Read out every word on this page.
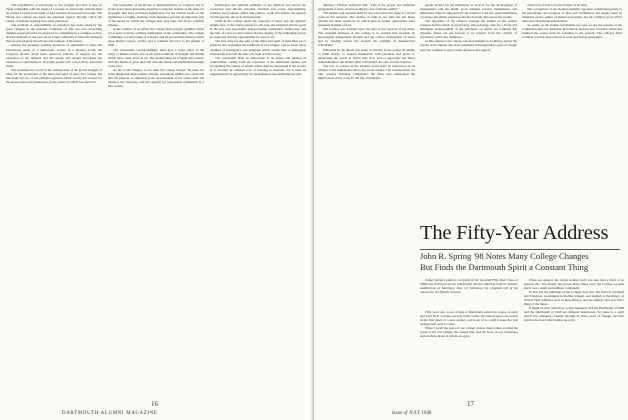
The transmission of knowledge to the younger and how it may be made compatible with the needs of a society of democratic citizens must be carried forward in the light of past tradition and present necessity. The liberal arts college has been the principal agency through which the values of humane learning have been preserved.

The problem of responsibility in education has been raised by the great changes in the material conditions of life. An ever increasing number of persons must be prepared for citizenship in a complex society, and the methods of the past are no longer sufficient to meet the demands that are placed upon the schools and colleges of the nation.

Among the presently feasible measures of adjustment to meet the educational needs of a democratic society in a modern world, the Congress should adopt more generous policies of support for the education of the talented and the needy, and should encourage the extension of opportunity to all young people who can profit by advanced study.

The contemporary world is the battleground of the global struggle of ideas for the possession of the mind and spirit of man. The college and university are two of the principal agencies which society has created for the preservation and furtherance of the values by which free men live.

The leadership of the House of Representatives of Congress has in recent years given increasing attention to national defense as the basis for programs that have profound significance for the critical needs of the institutions of higher learning. Such measures provide an important part of the means by which the colleges may play their role in the common defense.

In the conduct of its affairs the college must possess qualities which set it apart from the ordinary institutions of the community. The college community is a fellowship of scholars, and its government must be based upon mutual respect, candor, and a common devotion to the pursuit of truth.

The curriculum, correspondingly, must give a larger place to the study of human society and of the great traditions of thought and feeling which have come down to us. The student must be brought into contact with the minds of great men and with the moral and intellectual heritage of the race.

As the world changes, so too must the college change. Yet there are some things that must remain constant, and among them is the conviction that the purpose of education is the development of the whole man: his intellect, his character, and his capacity for responsible citizenship in a free society.

Intellectual and spiritual synthesis of the physical and moral, the vocational and liberal, personal freedom and social responsibility, stability and progress, ethics and politics, work and leisure, the general and the special, the local and universal.

Truth in the college needs the selection of ideas and the spiritual significance of the whole person for the true, the beautiful and the good in the free and responsible self-governing community. Democracy and the idea of a free society require that the dignity of the individual person be respected and that opportunities be open to all.

The first duty for the sake of the mind and spirit of man must be to preserve and strengthen the traditions of free inquiry, and to foster those qualities of intelligence and judgment which enable men to distinguish between the true and the false, the right and the wrong.

The curriculum must be democratic in its nature and method of achievement, calling forth the capacities of the individual student and recognizing the variety of talents which must be developed if the society is to flourish. A common core of learning is essential, but it must be supplemented by opportunity for specialization and individual growth.

liberties." Thomas Jefferson said, "This is the proper and sufficient antagonism to error, and has nothing to fear from the conflict."

The human soul sustains itself by the conviction that there is a moral order in the universe. The decline of faith in our time has left many without the inner resources by which men in former generations were sustained in times of trial.

Our country was founded upon the idea of the freedom of the mind. The essential business of the college is to nourish that freedom by encouraging independent thought and the critical examination of ideas, and by holding before the student the example of disinterested scholarship.

Education in the liberal arts seeks to develop in the young the ability to think clearly, to express themselves with precision and grace, to understand the world in which they live, and to appreciate the finest achievements of the human spirit in literature, the arts, and the sciences.

The role of science in the modern world must be understood in its relation to the humanities and to the social studies. The scientist must not only possess technical competence but must also understand the implications of his work for the life of mankind.

pupils studied for the humanities as well as for the development of engagement with the public good. Modern science, mathematics and humanities must be supported by the balance of the two great institutions of private and public education and the diversity that serves the people.

The discipline of the sciences through the studies of the natural sciences and the fields of psychology and sociology calls for a broad and intelligent understanding of the principles on which our common life depends. These are the lessons to be learned from the century of experience which lies behind us.

In this endeavor the college can find strength in its history and in the loyalty of its alumni, who have sustained it through many years of change and who continue to give it their devotion and support.

of the Son of God to be the brother of all men.

The conceptions of the modern scientific age have contributed greatly to the knowledge and progress of man and civilization, but deeply need an emphasis on the values of human personality and the common good which transcend all material achievement.

As surely as the Indian and Puritan are ours, so are the lessons of the Commonwealth, the American Revolution, and the idea of liberty which has inspired the nation from its founding to the present. The colleges must continue to teach these lessons to each succeeding generation.

The Fifty-Year Address
John R. Spring '98 Notes Many College Changes
But Finds the Dartmouth Spirit a Constant Thing

Judge Spring's address in behalf of the honored Fifty-Year Class of 1898 was delivered at the Dartmouth Alumni Meeting held in Webster Auditorium on Saturday, June 12, following the complete roll of the classes for the fiftieth reunion.

Fifty years ago, we in college at Dartmouth ended our course of study and went forth to make our way in the world. We entered upon our careers in the first dawn of a new century, and none of us could foresee the vast changes that were to come.

When I recall the years of our college course, there comes to mind the scene of the old campus, the chapel bell, and the faces of our classmates and teachers, many of whom are gone.

When we entered, the whole student body was less than a third of its present size. The faculty has grown many times over; the College we then knew was a small and intimate community.

In that day the buildings of the College were few. We lived in old Reed and Thornton, worshipped in Rollins Chapel, and studied in the library of Wilson Hall. Athletics were in their infancy, and the Outing Club was still a thing of the future.

It might be said, with more or less assurance, that the Dartmouth of 1898 and the Dartmouth of 1948 are different institutions. Yet there is a spirit which has remained constant through all these years of change, and that spirit is the bond which unites us today.

16
DARTMOUTH ALUMNI MAGAZINE	Issue of JULY 1948
17
